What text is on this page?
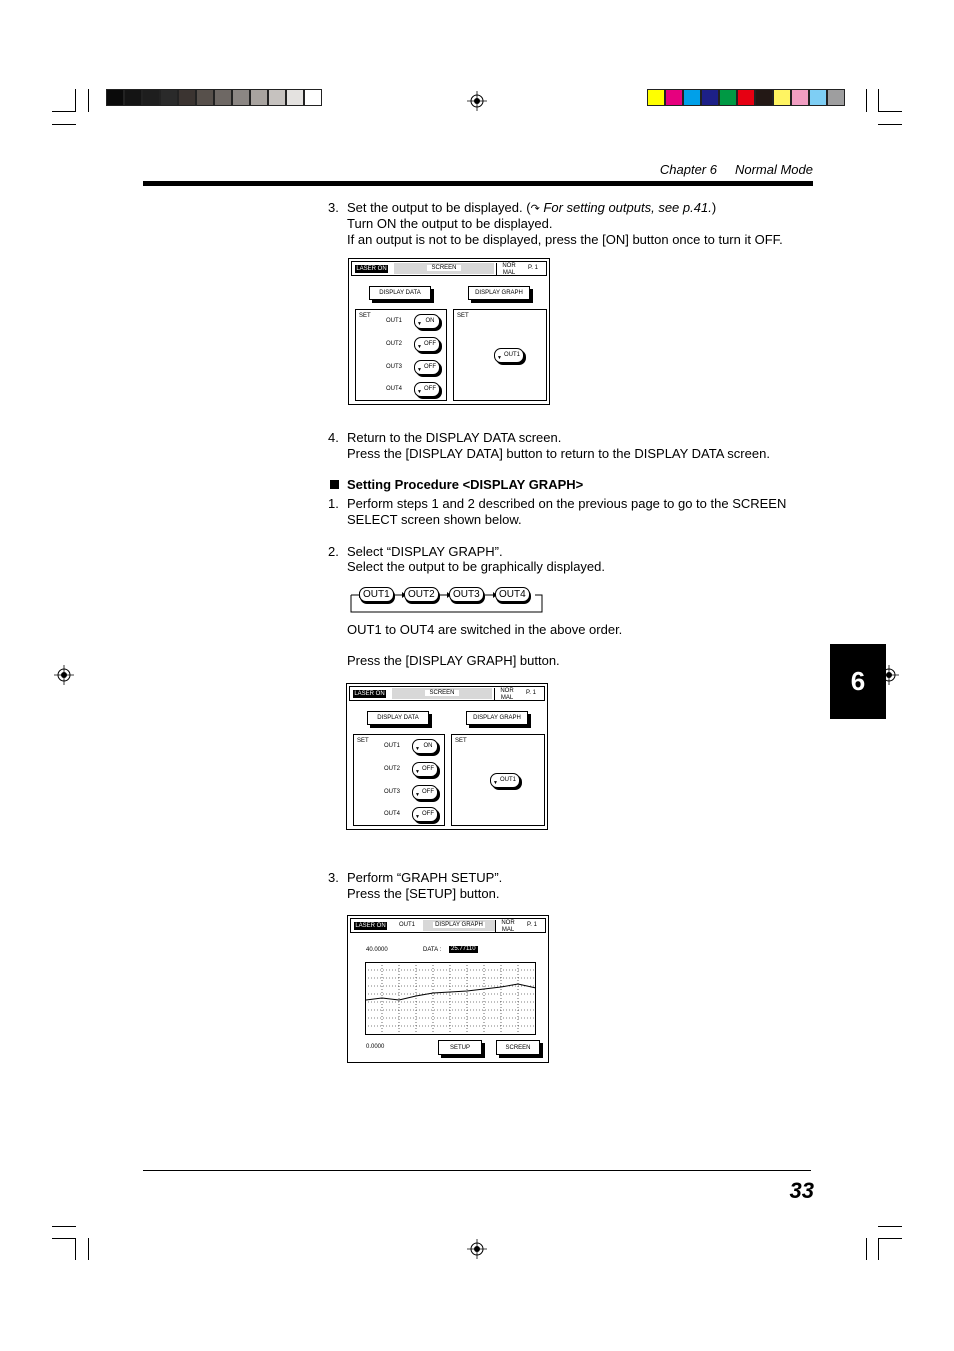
Chapter 6 Normal Mode
6
3. Set the output to be displayed. (↷ For setting outputs, see p.41.)
Turn ON the output to be displayed.
If an output is not to be displayed, press the [ON] button once to turn it OFF.
LASER ON	SCREEN	NOR MAL
P. 1
DISPLAY DATA	DISPLAY GRAPH
SET
OUT1	▼ ON
OUT2	▼ OFF
OUT3	▼ OFF
OUT4	▼ OFF
SET
▼ OUT1
4. Return to the DISPLAY DATA screen.
Press the [DISPLAY DATA] button to return to the DISPLAY DATA screen.
Setting Procedure <DISPLAY GRAPH>
1. Perform steps 1 and 2 described on the previous page to go to the SCREEN
SELECT screen shown below.
2. Select “DISPLAY GRAPH”.
Select the output to be graphically displayed.
OUT1	OUT2	OUT3	OUT4
OUT1 to OUT4 are switched in the above order.
Press the [DISPLAY GRAPH] button.
LASER ON	SCREEN	NOR MAL
P. 1
DISPLAY DATA	DISPLAY GRAPH
SET
OUT1	▼ ON
OUT2	▼ OFF
OUT3	▼ OFF
OUT4	▼ OFF
SET
▼ OUT1
3. Perform “GRAPH SETUP”.
Press the [SETUP] button.
LASER ON	OUT1	DISPLAY GRAPH	NOR MAL
P. 1
40.0000	DATA :	25.77110
0.0000	SETUP	SCREEN
33
